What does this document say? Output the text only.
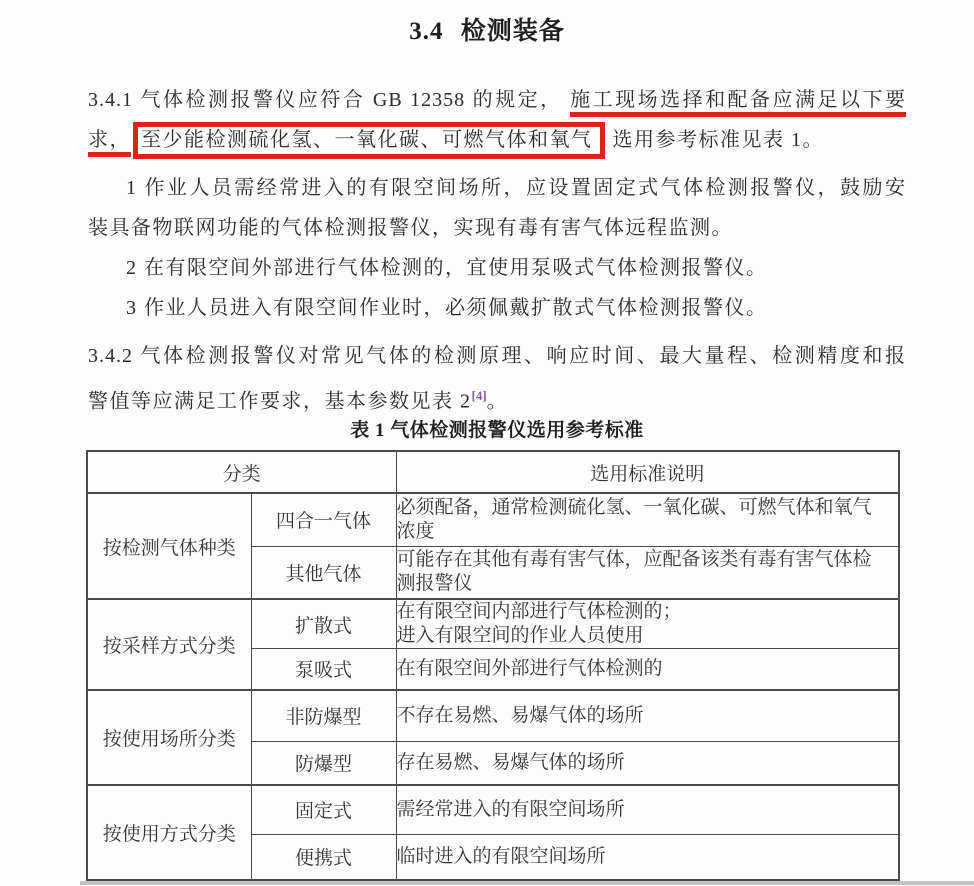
3.4 检测装备
3.4.1 气体检测报警仪应符合 GB 12358 的规定， 施工现场选择和配备应满足以下要
求， 至少能检测硫化氢、一氧化碳、可燃气体和氧气 选用参考标准见表 1。
1 作业人员需经常进入的有限空间场所，应设置固定式气体检测报警仪，鼓励安
装具备物联网功能的气体检测报警仪，实现有毒有害气体远程监测。
2 在有限空间外部进行气体检测的，宜使用泵吸式气体检测报警仪。
3 作业人员进入有限空间作业时，必须佩戴扩散式气体检测报警仪。
3.4.2 气体检测报警仪对常见气体的检测原理、响应时间、最大量程、检测精度和报
警值等应满足工作要求，基本参数见表 2[4]。
表 1 气体检测报警仪选用参考标准
分类		选用标准说明
按检测气体种类	四合一气体	必须配备，通常检测硫化氢、一氧化碳、可燃气体和氧气
浓度

	其他气体	可能存在其他有毒有害气体，应配备该类有毒有害气体检
测报警仪

按采样方式分类	扩散式	在有限空间内部进行气体检测的；
进入有限空间的作业人员使用

	泵吸式	在有限空间外部进行气体检测的

按使用场所分类	非防爆型	不存在易燃、易爆气体的场所

	防爆型	存在易燃、易爆气体的场所

按使用方式分类	固定式	需经常进入的有限空间场所

	便携式	临时进入的有限空间场所
